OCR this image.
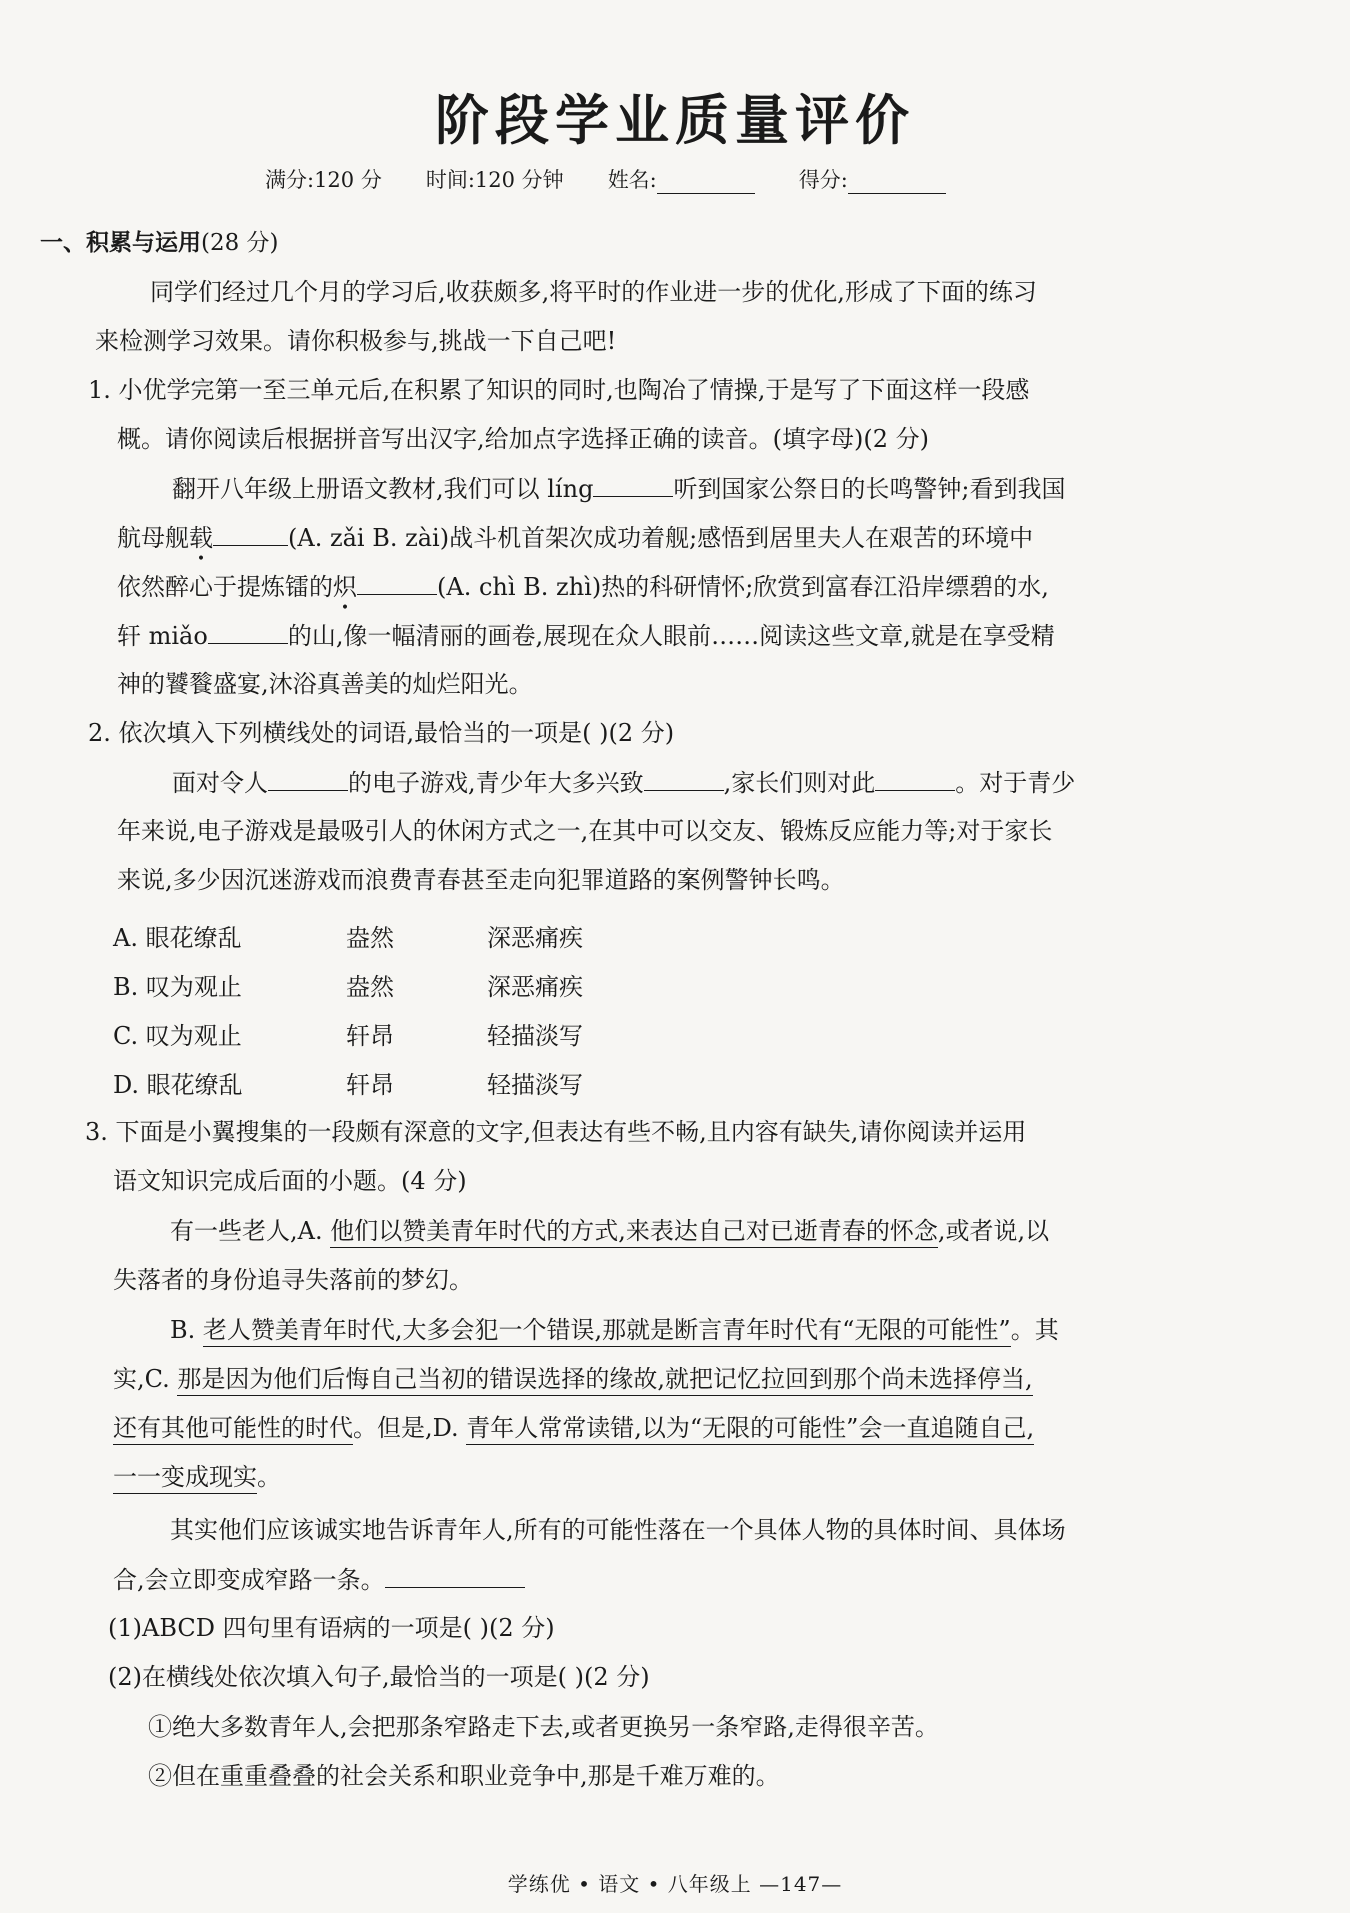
阶段学业质量评价
满分:120 分 时间:120 分钟 姓名:	得分:
一、积累与运用(28 分)
同学们经过几个月的学习后,收获颇多,将平时的作业进一步的优化,形成了下面的练习
来检测学习效果。请你积极参与,挑战一下自己吧!
1. 小优学完第一至三单元后,在积累了知识的同时,也陶冶了情操,于是写了下面这样一段感
概。请你阅读后根据拼音写出汉字,给加点字选择正确的读音。(填字母)(2 分)
翻开八年级上册语文教材,我们可以 líng	听到国家公祭日的长鸣警钟;看到我国
航母舰载	(A. zǎi B. zài)战斗机首架次成功着舰;感悟到居里夫人在艰苦的环境中
依然醉心于提炼镭的炽	(A. chì B. zhì)热的科研情怀;欣赏到富春江沿岸缥碧的水,
轩 miǎo	的山,像一幅清丽的画卷,展现在众人眼前……阅读这些文章,就是在享受精
神的饕餮盛宴,沐浴真善美的灿烂阳光。
2. 依次填入下列横线处的词语,最恰当的一项是( )(2 分)
面对令人	的电子游戏,青少年大多兴致	,家长们则对此	。对于青少
年来说,电子游戏是最吸引人的休闲方式之一,在其中可以交友、锻炼反应能力等;对于家长
来说,多少因沉迷游戏而浪费青春甚至走向犯罪道路的案例警钟长鸣。
A. 眼花缭乱	盎然	深恶痛疾
B. 叹为观止	盎然	深恶痛疾
C. 叹为观止	轩昂	轻描淡写
D. 眼花缭乱	轩昂	轻描淡写
3. 下面是小翼搜集的一段颇有深意的文字,但表达有些不畅,且内容有缺失,请你阅读并运用
语文知识完成后面的小题。(4 分)
有一些老人,A. 他们以赞美青年时代的方式,来表达自己对已逝青春的怀念,或者说,以
失落者的身份追寻失落前的梦幻。
B. 老人赞美青年时代,大多会犯一个错误,那就是断言青年时代有“无限的可能性”。其
实,C. 那是因为他们后悔自己当初的错误选择的缘故,就把记忆拉回到那个尚未选择停当,
还有其他可能性的时代。但是,D. 青年人常常读错,以为“无限的可能性”会一直追随自己,
一一变成现实。
其实他们应该诚实地告诉青年人,所有的可能性落在一个具体人物的具体时间、具体场
合,会立即变成窄路一条。
(1)ABCD 四句里有语病的一项是( )(2 分)
(2)在横线处依次填入句子,最恰当的一项是( )(2 分)
①绝大多数青年人,会把那条窄路走下去,或者更换另一条窄路,走得很辛苦。
②但在重重叠叠的社会关系和职业竞争中,那是千难万难的。
学练优 • 语文 • 八年级上 —147—
